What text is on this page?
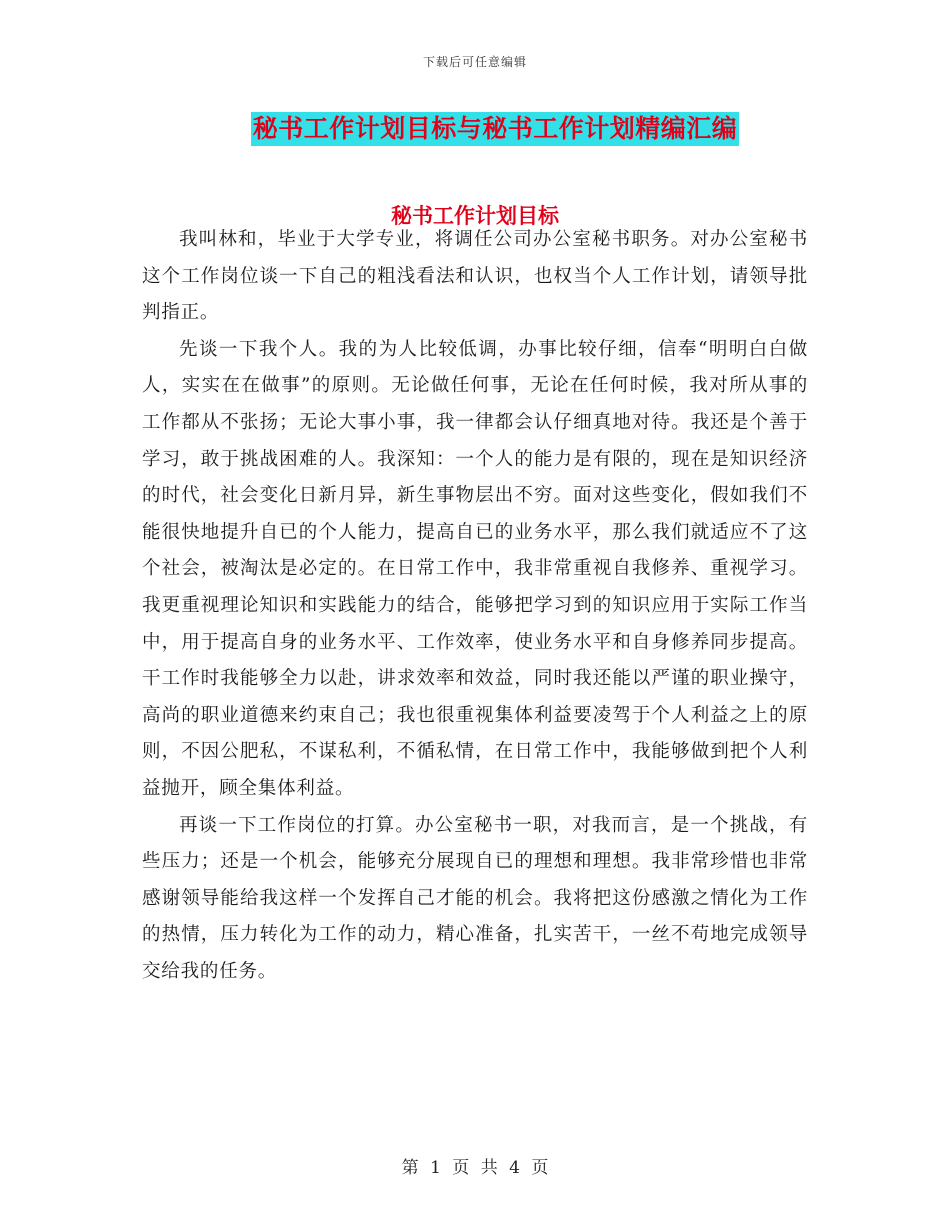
下载后可任意编辑
秘书工作计划目标与秘书工作计划精编汇编
秘书工作计划目标

我叫林和，毕业于大学专业，将调任公司办公室秘书职务。对办公室秘书这个工作岗位谈一下自己的粗浅看法和认识，也权当个人工作计划，请领导批判指正。

先谈一下我个人。我的为人比较低调，办事比较仔细，信奉“明明白白做人，实实在在做事”的原则。无论做任何事，无论在任何时候，我对所从事的工作都从不张扬；无论大事小事，我一律都会认仔细真地对待。我还是个善于学习，敢于挑战困难的人。我深知：一个人的能力是有限的，现在是知识经济的时代，社会变化日新月异，新生事物层出不穷。面对这些变化，假如我们不能很快地提升自已的个人能力，提高自已的业务水平，那么我们就适应不了这个社会，被淘汰是必定的。在日常工作中，我非常重视自我修养、重视学习。我更重视理论知识和实践能力的结合，能够把学习到的知识应用于实际工作当中，用于提高自身的业务水平、工作效率，使业务水平和自身修养同步提高。干工作时我能够全力以赴，讲求效率和效益，同时我还能以严谨的职业操守，高尚的职业道德来约束自己；我也很重视集体利益要凌驾于个人利益之上的原则，不因公肥私，不谋私利，不循私情，在日常工作中，我能够做到把个人利益抛开，顾全集体利益。

再谈一下工作岗位的打算。办公室秘书一职，对我而言，是一个挑战，有些压力；还是一个机会，能够充分展现自已的理想和理想。我非常珍惜也非常感谢领导能给我这样一个发挥自己才能的机会。我将把这份感激之情化为工作的热情，压力转化为工作的动力，精心准备，扎实苦干，一丝不苟地完成领导交给我的任务。

第 1 页 共 4 页
